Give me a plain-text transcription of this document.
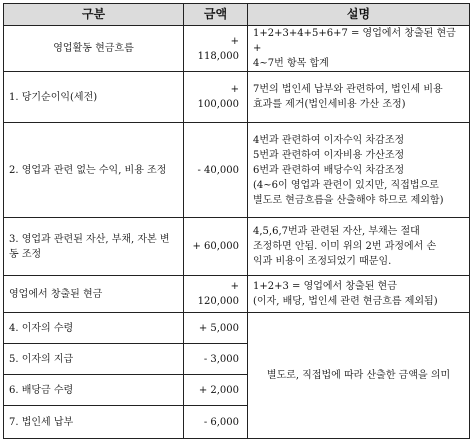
구분	금액	설명
영업활동 현금흐름	+ 118,000	1+2+3+4+5+6+7 = 영업에서 창출된 현금 +
4~7번 항목 합계

1. 당기순이익(세전)	+ 100,000	7번의 법인세 납부와 관련하여, 법인세 비용
효과를 제거(법인세비용 가산 조정)

2. 영업과 관련 없는 수익, 비용 조정	- 40,000	4번과 관련하여 이자수익 차감조정
5번과 관련하여 이자비용 가산조정
6번과 관련하여 배당수익 차감조정
(4~6이 영업과 관련이 있지만, 직접법으로
별도로 현금흐름을 산출해야 하므로 제외함)

3. 영업과 관련된 자산, 부채, 자본 변동 조정	+ 60,000	4,5,6,7번과 관련된 자산, 부채는 절대
조정하면 안됨. 이미 위의 2번 과정에서 손
익과 비용이 조정되었기 때문임.

영업에서 창출된 현금	+ 120,000	1+2+3 = 영업에서 창출된 현금
(이자, 배당, 법인세 관련 현금흐름 제외됨)

4. 이자의 수령	+ 5,000	별도로, 직접법에 따라 산출한 금액을 의미
5. 이자의 지급	- 3,000	
6. 배당금 수령	+ 2,000	
7. 법인세 납부	- 6,000	
